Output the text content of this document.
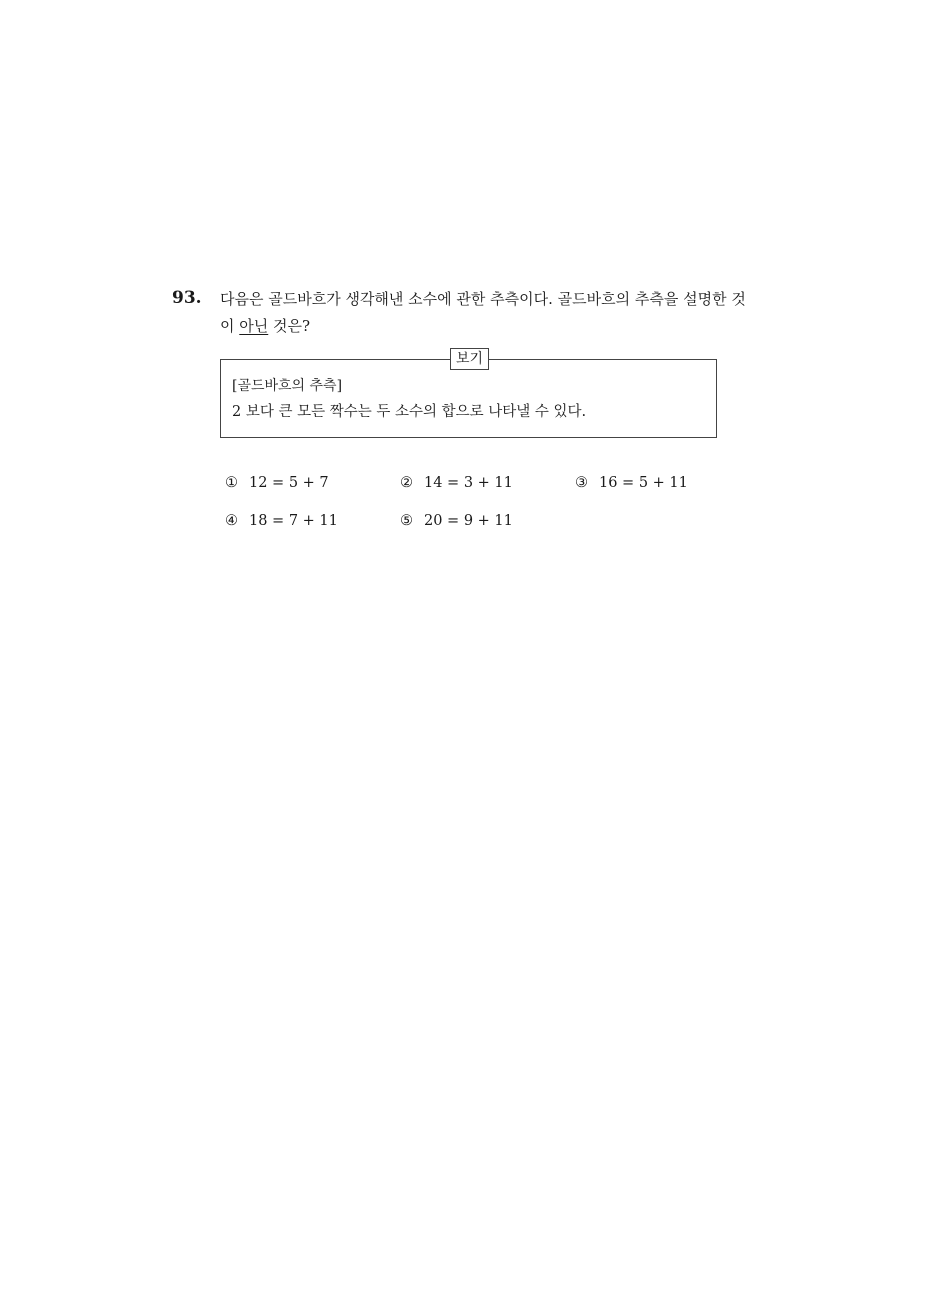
93. 다음은 골드바흐가 생각해낸 소수에 관한 추측이다. 골드바흐의 추측을 설명한 것이 아닌 것은?
보기
[골드바흐의 추측]
2 보다 큰 모든 짝수는 두 소수의 합으로 나타낼 수 있다.
① 12 = 5 + 7	② 14 = 3 + 11	③ 16 = 5 + 11
④ 18 = 7 + 11	⑤ 20 = 9 + 11
